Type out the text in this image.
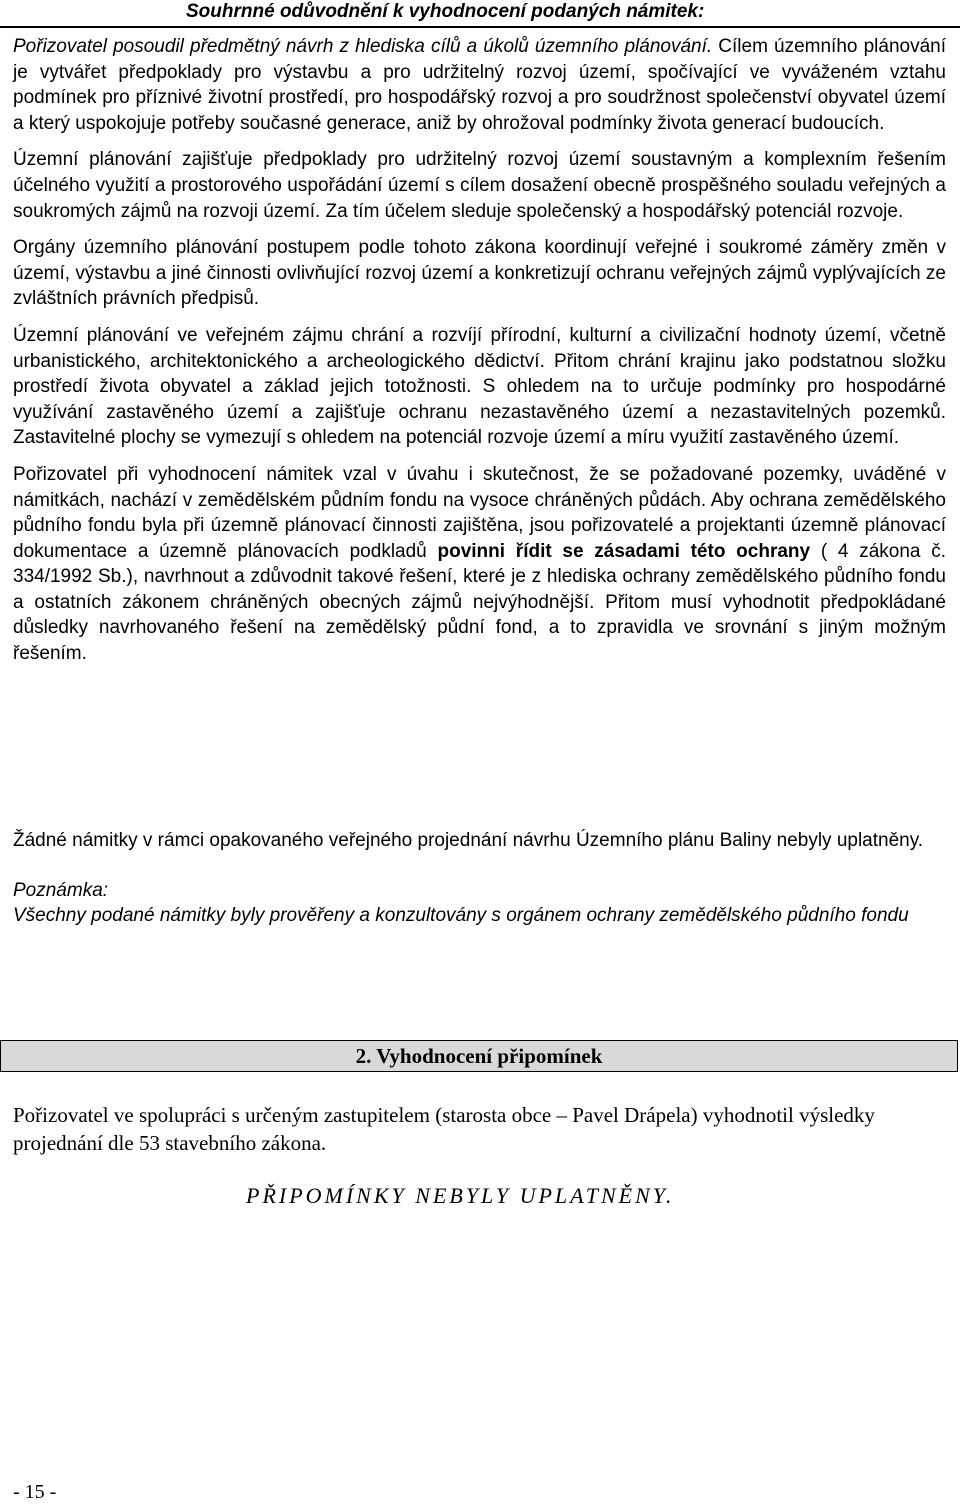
Souhrnné odůvodnění k vyhodnocení podaných námitek:

Pořizovatel posoudil předmětný návrh z hlediska cílů a úkolů územního plánování. Cílem územního plánování je vytvářet předpoklady pro výstavbu a pro udržitelný rozvoj území, spočívající ve vyváženém vztahu podmínek pro příznivé životní prostředí, pro hospodářský rozvoj a pro soudržnost společenství obyvatel území a který uspokojuje potřeby současné generace, aniž by ohrožoval podmínky života generací budoucích.

Územní plánování zajišťuje předpoklady pro udržitelný rozvoj území soustavným a komplexním řešením účelného využití a prostorového uspořádání území s cílem dosažení obecně prospěšného souladu veřejných a soukromých zájmů na rozvoji území. Za tím účelem sleduje společenský a hospodářský potenciál rozvoje.

Orgány územního plánování postupem podle tohoto zákona koordinují veřejné i soukromé záměry změn v území, výstavbu a jiné činnosti ovlivňující rozvoj území a konkretizují ochranu veřejných zájmů vyplývajících ze zvláštních právních předpisů.

Územní plánování ve veřejném zájmu chrání a rozvíjí přírodní, kulturní a civilizační hodnoty území, včetně urbanistického, architektonického a archeologického dědictví. Přitom chrání krajinu jako podstatnou složku prostředí života obyvatel a základ jejich totožnosti. S ohledem na to určuje podmínky pro hospodárné využívání zastavěného území a zajišťuje ochranu nezastavěného území a nezastavitelných pozemků. Zastavitelné plochy se vymezují s ohledem na potenciál rozvoje území a míru využití zastavěného území.

Pořizovatel při vyhodnocení námitek vzal v úvahu i skutečnost, že se požadované pozemky, uváděné v námitkách, nachází v zemědělském půdním fondu na vysoce chráněných půdách. Aby ochrana zemědělského půdního fondu byla při územně plánovací činnosti zajištěna, jsou pořizovatelé a projektanti územně plánovací dokumentace a územně plánovacích podkladů povinni řídit se zásadami této ochrany ( 4 zákona č. 334/1992 Sb.), navrhnout a zdůvodnit takové řešení, které je z hlediska ochrany zemědělského půdního fondu a ostatních zákonem chráněných obecných zájmů nejvýhodnější. Přitom musí vyhodnotit předpokládané důsledky navrhovaného řešení na zemědělský půdní fond, a to zpravidla ve srovnání s jiným možným řešením.

Žádné námitky v rámci opakovaného veřejného projednání návrhu Územního plánu Baliny nebyly uplatněny.

Poznámka:
Všechny podané námitky byly prověřeny a konzultovány s orgánem ochrany zemědělského půdního fondu
2. Vyhodnocení připomínek

Pořizovatel ve spolupráci s určeným zastupitelem (starosta obce – Pavel Drápela) vyhodnotil výsledky projednání dle 53 stavebního zákona.

PŘIPOMÍNKY NEBYLY UPLATNĚNY.
- 15 -
